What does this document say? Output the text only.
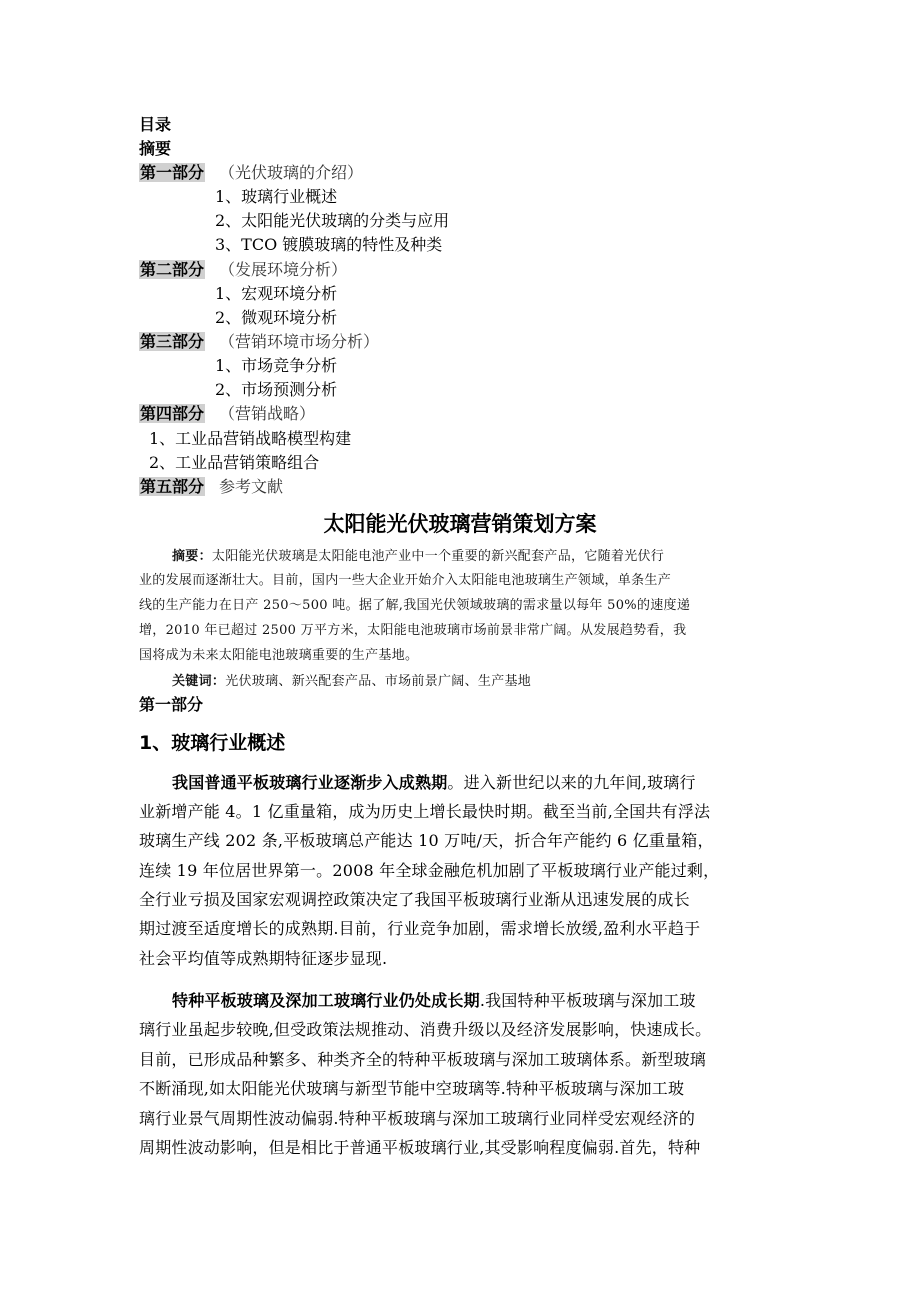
目录
摘要
第一部分 （光伏玻璃的介绍）
1、玻璃行业概述
2、太阳能光伏玻璃的分类与应用
3、TCO 镀膜玻璃的特性及种类
第二部分 （发展环境分析）
1、宏观环境分析
2、微观环境分析
第三部分 （营销环境市场分析）
1、市场竞争分析
2、市场预测分析
第四部分 （营销战略）
1、工业品营销战略模型构建
2、工业品营销策略组合
第五部分 参考文献
太阳能光伏玻璃营销策划方案
摘要：太阳能光伏玻璃是太阳能电池产业中一个重要的新兴配套产品，它随着光伏行
业的发展而逐渐壮大。目前，国内一些大企业开始介入太阳能电池玻璃生产领域，单条生产
线的生产能力在日产 250～500 吨。据了解,我国光伏领域玻璃的需求量以每年 50%的速度递
增，2010 年已超过 2500 万平方米，太阳能电池玻璃市场前景非常广阔。从发展趋势看，我
国将成为未来太阳能电池玻璃重要的生产基地。
关键词：光伏玻璃、新兴配套产品、市场前景广阔、生产基地
第一部分
1、玻璃行业概述
我国普通平板玻璃行业逐渐步入成熟期。进入新世纪以来的九年间,玻璃行
业新增产能 4。1 亿重量箱，成为历史上增长最快时期。截至当前,全国共有浮法
玻璃生产线 202 条,平板玻璃总产能达 10 万吨/天，折合年产能约 6 亿重量箱，
连续 19 年位居世界第一。2008 年全球金融危机加剧了平板玻璃行业产能过剩，
全行业亏损及国家宏观调控政策决定了我国平板玻璃行业渐从迅速发展的成长
期过渡至适度增长的成熟期.目前，行业竞争加剧，需求增长放缓,盈利水平趋于
社会平均值等成熟期特征逐步显现.
特种平板玻璃及深加工玻璃行业仍处成长期.我国特种平板玻璃与深加工玻
璃行业虽起步较晚,但受政策法规推动、消费升级以及经济发展影响，快速成长。
目前，已形成品种繁多、种类齐全的特种平板玻璃与深加工玻璃体系。新型玻璃
不断涌现,如太阳能光伏玻璃与新型节能中空玻璃等.特种平板玻璃与深加工玻
璃行业景气周期性波动偏弱.特种平板玻璃与深加工玻璃行业同样受宏观经济的
周期性波动影响，但是相比于普通平板玻璃行业,其受影响程度偏弱.首先，特种
